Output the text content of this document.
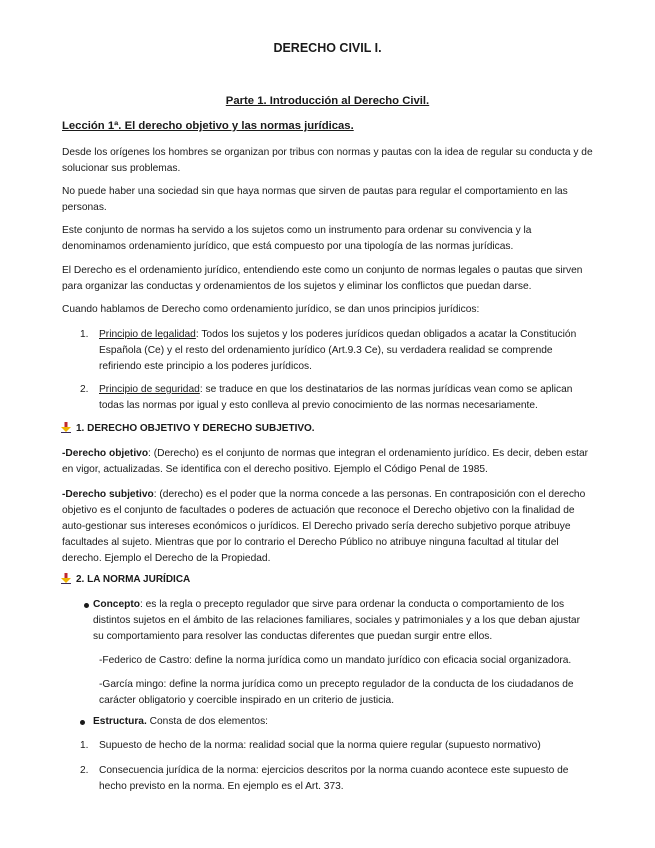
DERECHO CIVIL I.

Parte 1. Introducción al Derecho Civil.

Lección 1ª. El derecho objetivo y las normas jurídicas.

Desde los orígenes los hombres se organizan por tribus con normas y pautas con la idea de regular su conducta y de

solucionar sus problemas.

No puede haber una sociedad sin que haya normas que sirven de pautas para regular el comportamiento en las

personas.

Este conjunto de normas ha servido a los sujetos como un instrumento para ordenar su convivencia y la

denominamos ordenamiento jurídico, que está compuesto por una tipología de las normas jurídicas.

El Derecho es el ordenamiento jurídico, entendiendo este como un conjunto de normas legales o pautas que sirven

para organizar las conductas y ordenamientos de los sujetos y eliminar los conflictos que puedan darse.

Cuando hablamos de Derecho como ordenamiento jurídico, se dan unos principios jurídicos:

1. Principio de legalidad: Todos los sujetos y los poderes jurídicos quedan obligados a acatar la Constitución

Española (Ce) y el resto del ordenamiento jurídico (Art.9.3 Ce), su verdadera realidad se comprende

refiriendo este principio a los poderes jurídicos.

2. Principio de seguridad: se traduce en que los destinatarios de las normas jurídicas vean como se aplican

todas las normas por igual y esto conlleva al previo conocimiento de las normas necesariamente.

1. DERECHO OBJETIVO Y DERECHO SUBJETIVO.

-Derecho objetivo: (Derecho) es el conjunto de normas que integran el ordenamiento jurídico. Es decir, deben estar

en vigor, actualizadas. Se identifica con el derecho positivo. Ejemplo el Código Penal de 1985.

-Derecho subjetivo: (derecho) es el poder que la norma concede a las personas. En contraposición con el derecho

objetivo es el conjunto de facultades o poderes de actuación que reconoce el Derecho objetivo con la finalidad de

auto-gestionar sus intereses económicos o jurídicos. El Derecho privado sería derecho subjetivo porque atribuye

facultades al sujeto. Mientras que por lo contrario el Derecho Público no atribuye ninguna facultad al titular del

derecho. Ejemplo el Derecho de la Propiedad.

2. LA NORMA JURÍDICA

Concepto: es la regla o precepto regulador que sirve para ordenar la conducta o comportamiento de los

distintos sujetos en el ámbito de las relaciones familiares, sociales y patrimoniales y a los que deban ajustar

su comportamiento para resolver las conductas diferentes que puedan surgir entre ellos.

-Federico de Castro: define la norma jurídica como un mandato jurídico con eficacia social organizadora.

-García mingo: define la norma jurídica como un precepto regulador de la conducta de los ciudadanos de

carácter obligatorio y coercible inspirado en un criterio de justicia.

Estructura. Consta de dos elementos:

1. Supuesto de hecho de la norma: realidad social que la norma quiere regular (supuesto normativo)

2. Consecuencia jurídica de la norma: ejercicios descritos por la norma cuando acontece este supuesto de

hecho previsto en la norma. En ejemplo es el Art. 373.
